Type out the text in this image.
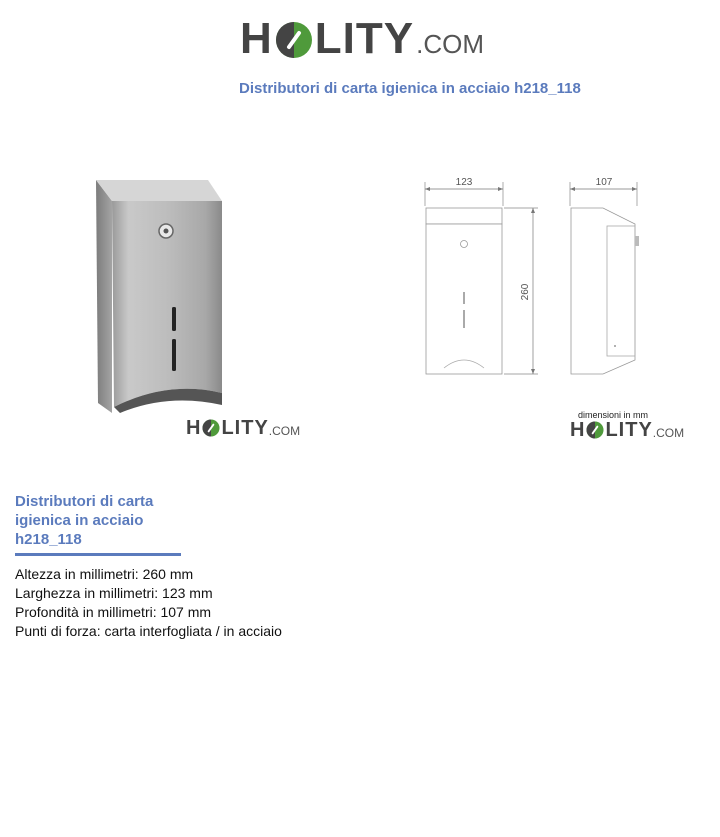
H LITY .COM
Distributori di carta igienica in acciaio h218_118
H LITY .COM
123
260
107
dimensioni in mm
H LITY .COM
Distributori di carta igienica in acciaio h218_118
Altezza in millimetri: 260 mm
Larghezza in millimetri: 123 mm
Profondità in millimetri: 107 mm
Punti di forza: carta interfogliata / in acciaio
